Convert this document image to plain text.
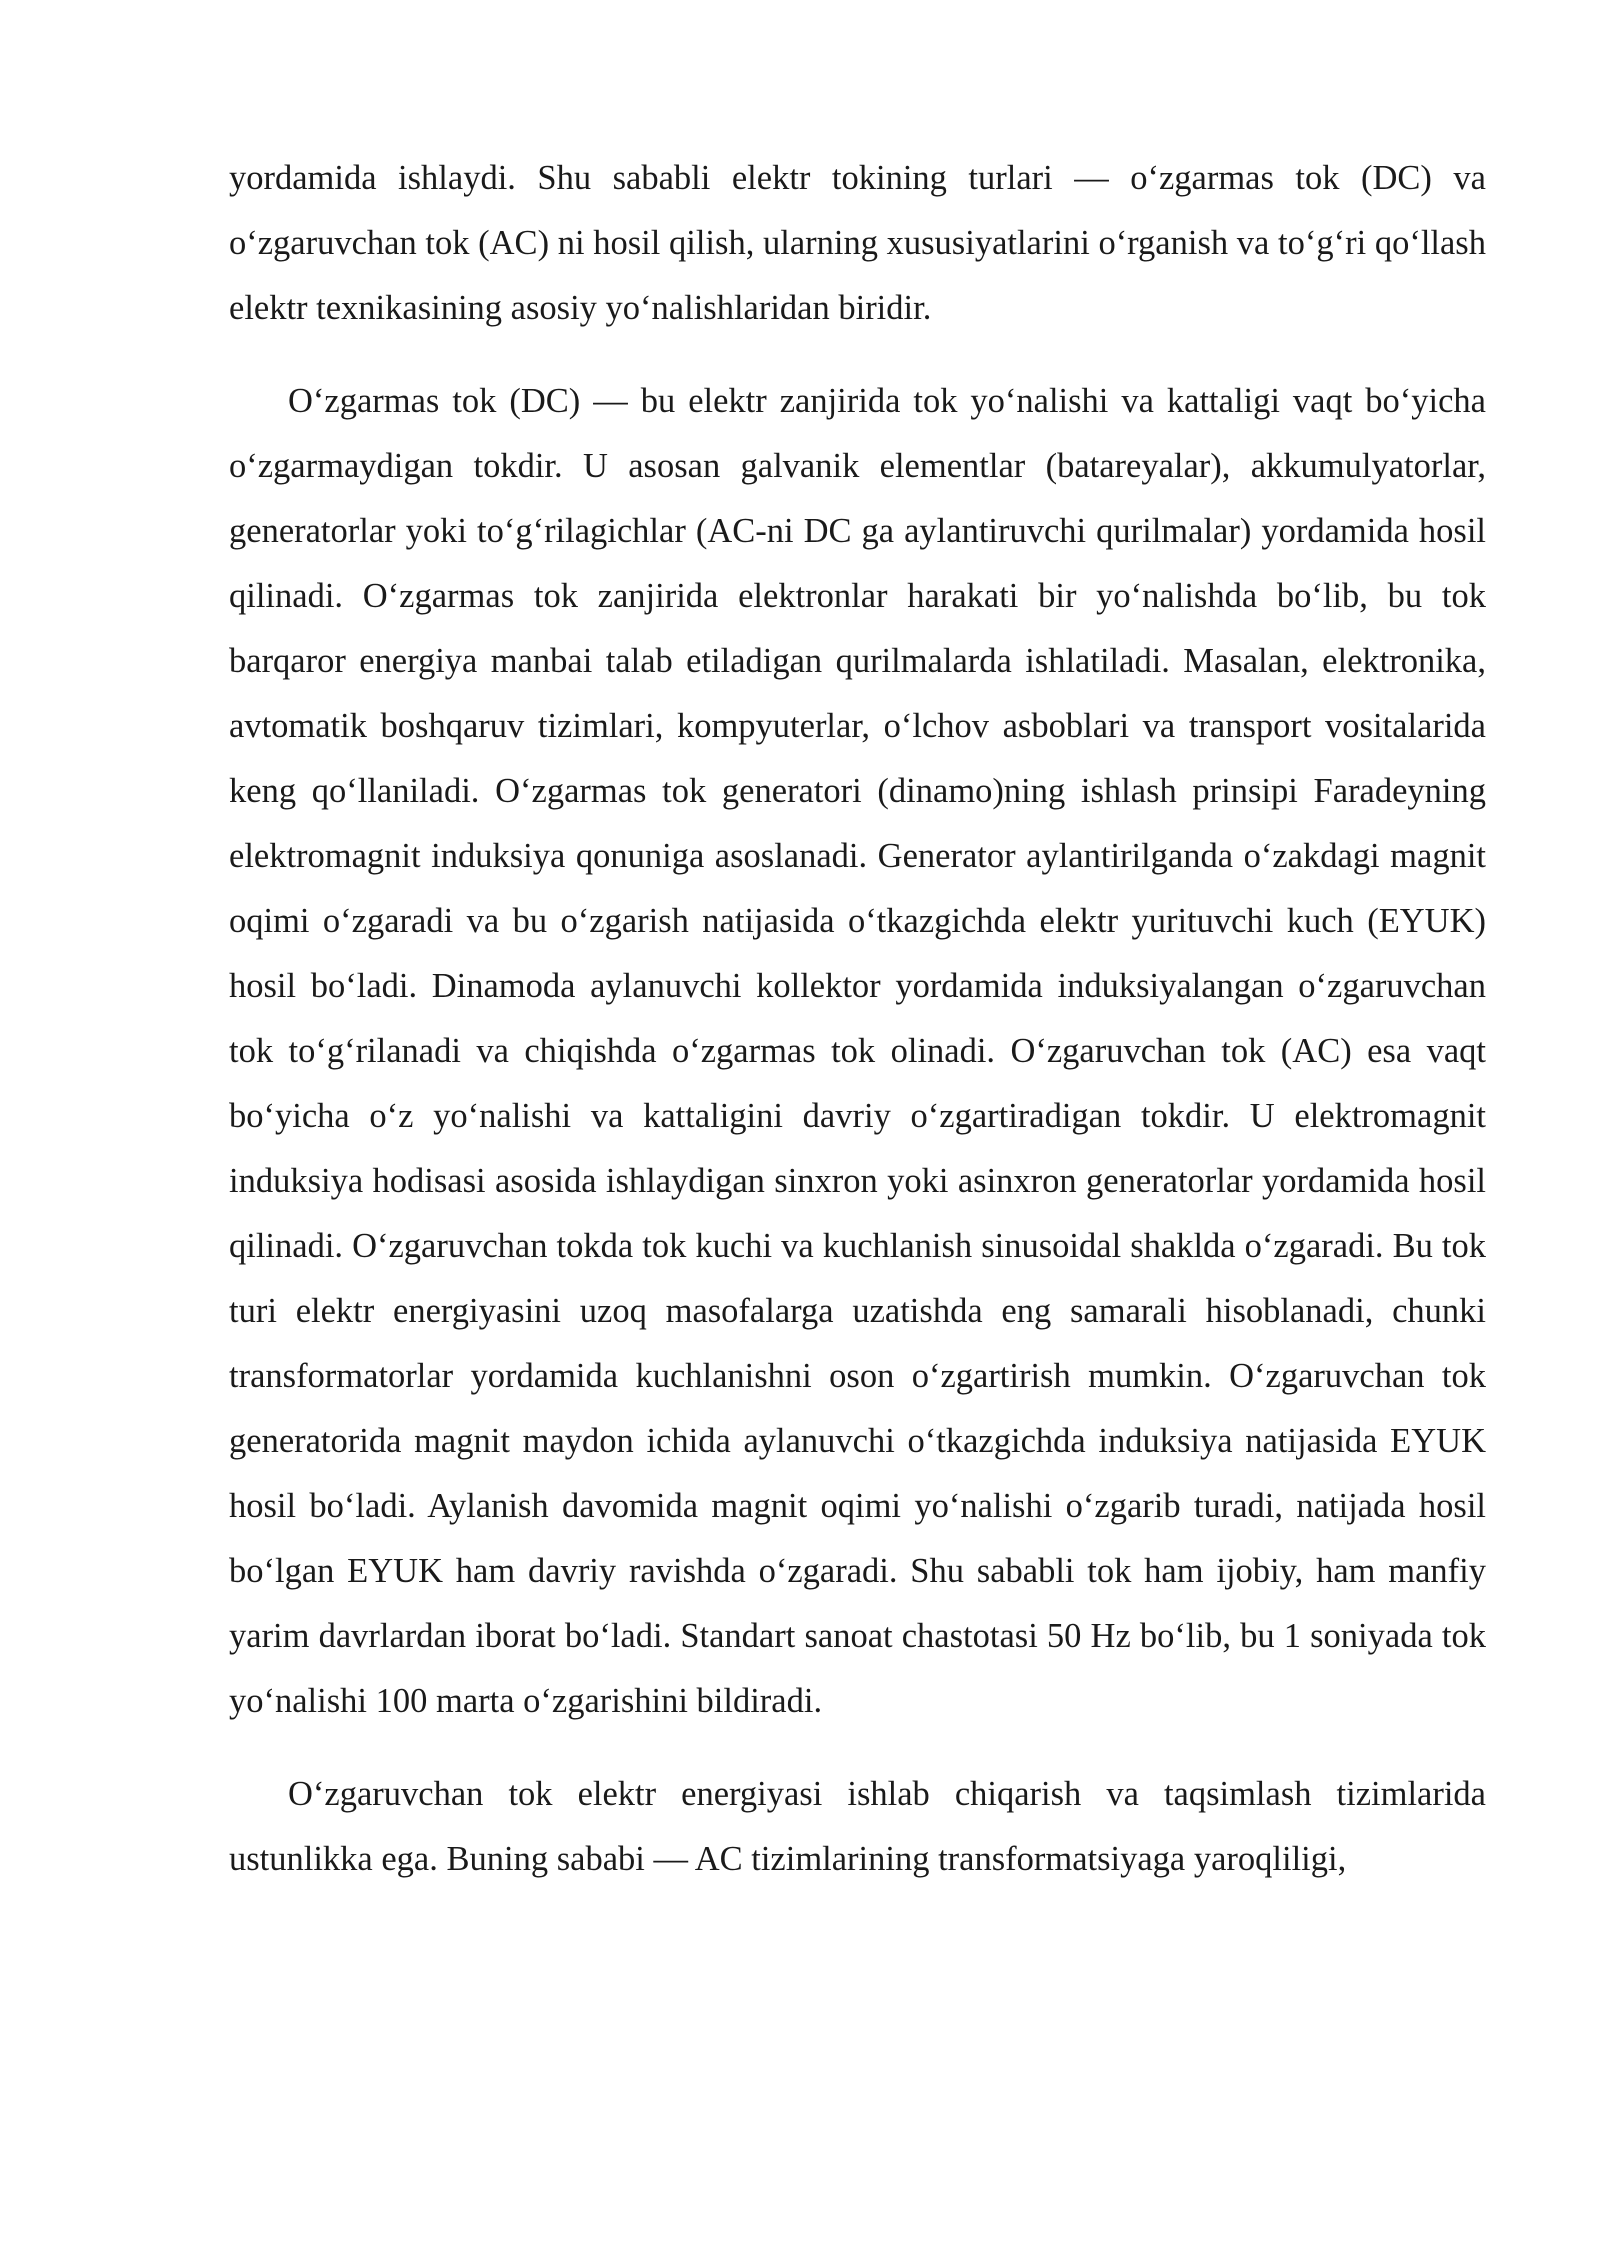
yordamida ishlaydi. Shu sababli elektr tokining turlari — oʻzgarmas tok (DC) va oʻzgaruvchan tok (AC) ni hosil qilish, ularning xususiyatlarini oʻrganish va toʻgʻri qoʻllash elektr texnikasining asosiy yoʻnalishlaridan biridir.

Oʻzgarmas tok (DC) — bu elektr zanjirida tok yoʻnalishi va kattaligi vaqt boʻyicha oʻzgarmaydigan tokdir. U asosan galvanik elementlar (batareyalar), akkumulyatorlar, generatorlar yoki toʻgʻrilagichlar (AC-ni DC ga aylantiruvchi qurilmalar) yordamida hosil qilinadi. Oʻzgarmas tok zanjirida elektronlar harakati bir yoʻnalishda boʻlib, bu tok barqaror energiya manbai talab etiladigan qurilmalarda ishlatiladi. Masalan, elektronika, avtomatik boshqaruv tizimlari, kompyuterlar, oʻlchov asboblari va transport vositalarida keng qoʻllaniladi. Oʻzgarmas tok generatori (dinamo)ning ishlash prinsipi Faradeyning elektromagnit induksiya qonuniga asoslanadi. Generator aylantirilganda oʻzakdagi magnit oqimi oʻzgaradi va bu oʻzgarish natijasida oʻtkazgichda elektr yurituvchi kuch (EYUK) hosil boʻladi. Dinamoda aylanuvchi kollektor yordamida induksiyalangan oʻzgaruvchan tok toʻgʻrilanadi va chiqishda oʻzgarmas tok olinadi. Oʻzgaruvchan tok (AC) esa vaqt boʻyicha oʻz yoʻnalishi va kattaligini davriy oʻzgartiradigan tokdir. U elektromagnit induksiya hodisasi asosida ishlaydigan sinxron yoki asinxron generatorlar yordamida hosil qilinadi. Oʻzgaruvchan tokda tok kuchi va kuchlanish sinusoidal shaklda oʻzgaradi. Bu tok turi elektr energiyasini uzoq masofalarga uzatishda eng samarali hisoblanadi, chunki transformatorlar yordamida kuchlanishni oson oʻzgartirish mumkin. Oʻzgaruvchan tok generatorida magnit maydon ichida aylanuvchi oʻtkazgichda induksiya natijasida EYUK hosil boʻladi. Aylanish davomida magnit oqimi yoʻnalishi oʻzgarib turadi, natijada hosil boʻlgan EYUK ham davriy ravishda oʻzgaradi. Shu sababli tok ham ijobiy, ham manfiy yarim davrlardan iborat boʻladi. Standart sanoat chastotasi 50 Hz boʻlib, bu 1 soniyada tok yoʻnalishi 100 marta oʻzgarishini bildiradi.

Oʻzgaruvchan tok elektr energiyasi ishlab chiqarish va taqsimlash tizimlarida ustunlikka ega. Buning sababi — AC tizimlarining transformatsiyaga yaroqliligi,
